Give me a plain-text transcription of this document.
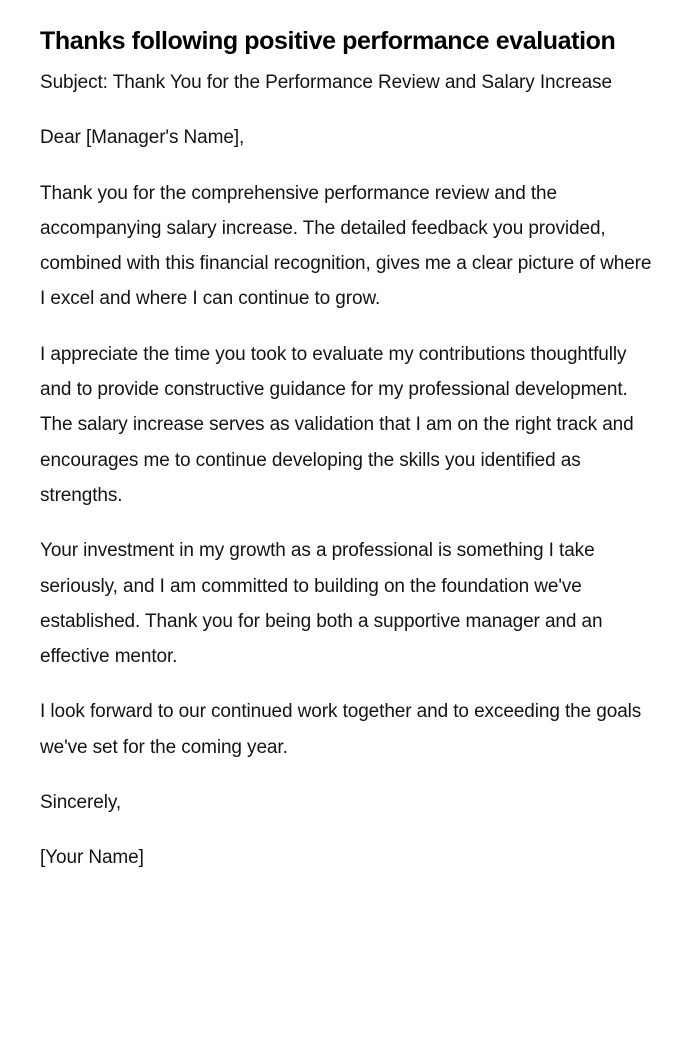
Thanks following positive performance evaluation

Subject: Thank You for the Performance Review and Salary Increase

Dear [Manager's Name],

Thank you for the comprehensive performance review and the accompanying salary increase. The detailed feedback you provided, combined with this financial recognition, gives me a clear picture of where I excel and where I can continue to grow.

I appreciate the time you took to evaluate my contributions thoughtfully and to provide constructive guidance for my professional development. The salary increase serves as validation that I am on the right track and encourages me to continue developing the skills you identified as strengths.

Your investment in my growth as a professional is something I take seriously, and I am committed to building on the foundation we've established. Thank you for being both a supportive manager and an effective mentor.

I look forward to our continued work together and to exceeding the goals we've set for the coming year.

Sincerely,

[Your Name]
